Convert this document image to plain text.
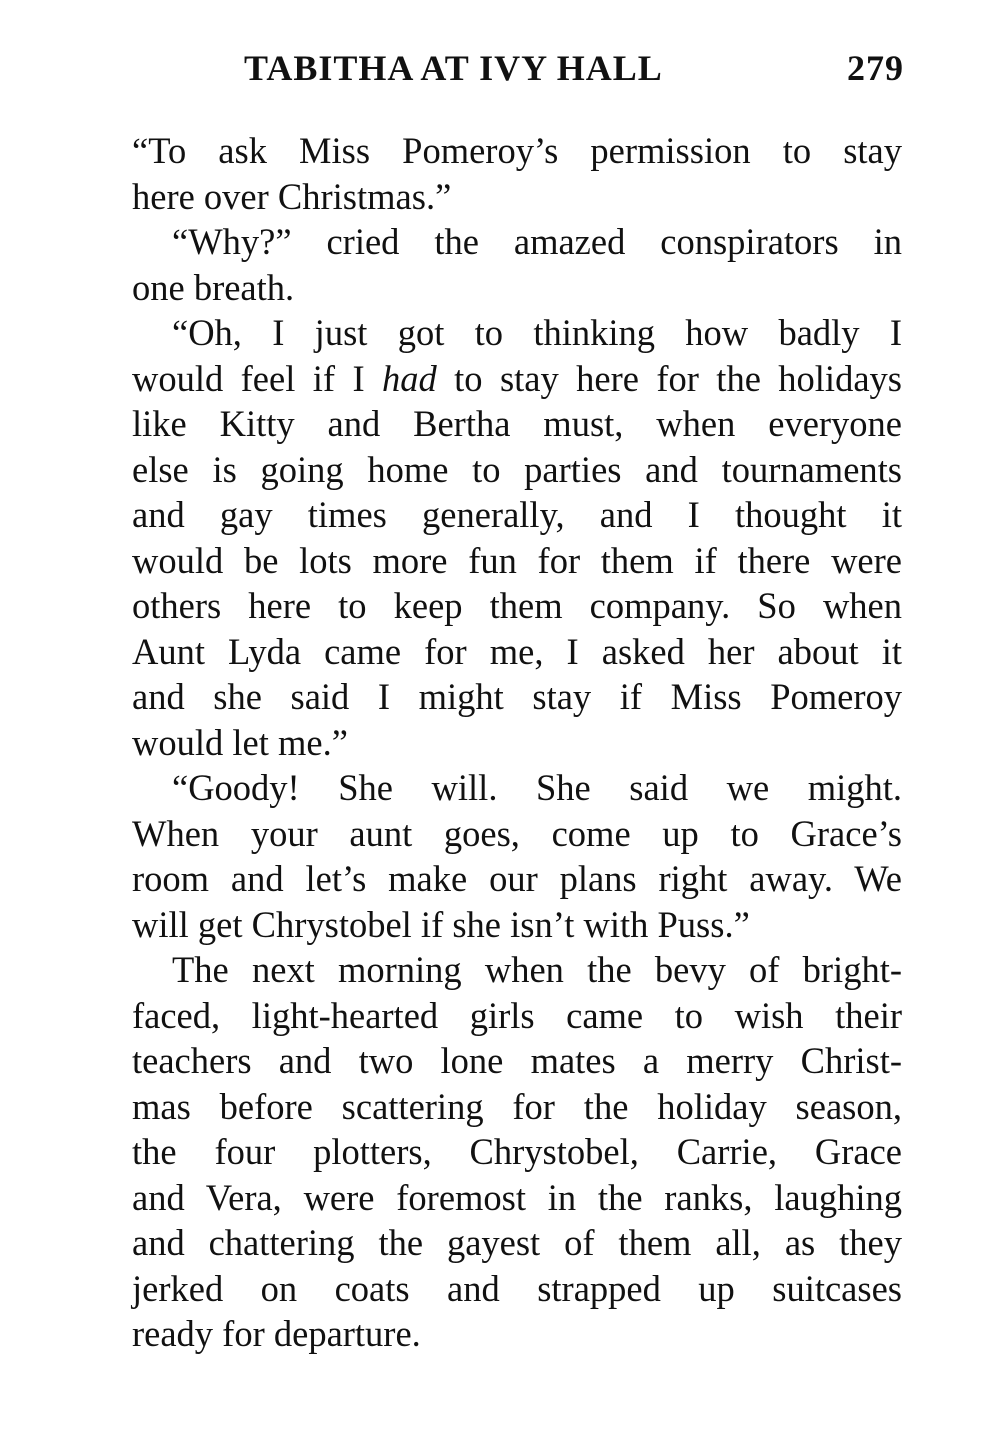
TABITHA AT IVY HALL	279
“To ask Miss Pomeroy’s permission to stay
here over Christmas.”
“Why?” cried the amazed conspirators in
one breath.
“Oh, I just got to thinking how badly I
would feel if I had to stay here for the holidays
like Kitty and Bertha must, when everyone
else is going home to parties and tournaments
and gay times generally, and I thought it
would be lots more fun for them if there were
others here to keep them company. So when
Aunt Lyda came for me, I asked her about it
and she said I might stay if Miss Pomeroy
would let me.”
“Goody! She will. She said we might.
When your aunt goes, come up to Grace’s
room and let’s make our plans right away. We
will get Chrystobel if she isn’t with Puss.”
The next morning when the bevy of bright-
faced, light-hearted girls came to wish their
teachers and two lone mates a merry Christ-
mas before scattering for the holiday season,
the four plotters, Chrystobel, Carrie, Grace
and Vera, were foremost in the ranks, laughing
and chattering the gayest of them all, as they
jerked on coats and strapped up suitcases
ready for departure.
